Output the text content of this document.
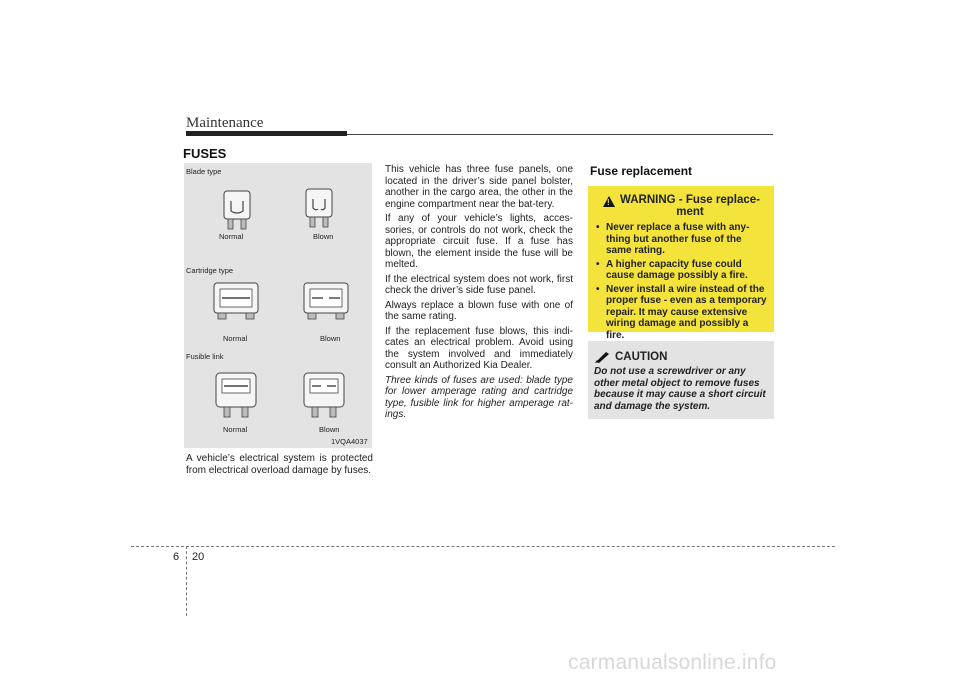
Maintenance
FUSES
Blade type
Normal	Blown
Cartridge type
Normal	Blown
Fusible link
Normal	Blown
1VQA4037
A vehicle’s electrical system is protected from electrical overload damage by fuses.

This vehicle has three fuse panels, one located in the driver’s side panel bolster, another in the cargo area, the other in the engine compartment near the bat-tery.

If any of your vehicle’s lights, acces-sories, or controls do not work, check the appropriate circuit fuse. If a fuse has blown, the element inside the fuse will be melted.

If the electrical system does not work, first check the driver’s side fuse panel.

Always replace a blown fuse with one of the same rating.

If the replacement fuse blows, this indi-cates an electrical problem. Avoid using the system involved and immediately consult an Authorized Kia Dealer.

Three kinds of fuses are used: blade type for lower amperage rating and cartridge type, fusible link for higher amperage rat-ings.

Fuse replacement
! WARNING - Fuse replace-ment
• Never replace a fuse with any-thing but another fuse of the same rating.
• A higher capacity fuse could cause damage possibly a fire.
• Never install a wire instead of the proper fuse - even as a temporary repair. It may cause extensive wiring damage and possibly a fire.
CAUTION
Do not use a screwdriver or any other metal object to remove fuses because it may cause a short circuit and damage the system.
6 20
carmanualsonline.info
